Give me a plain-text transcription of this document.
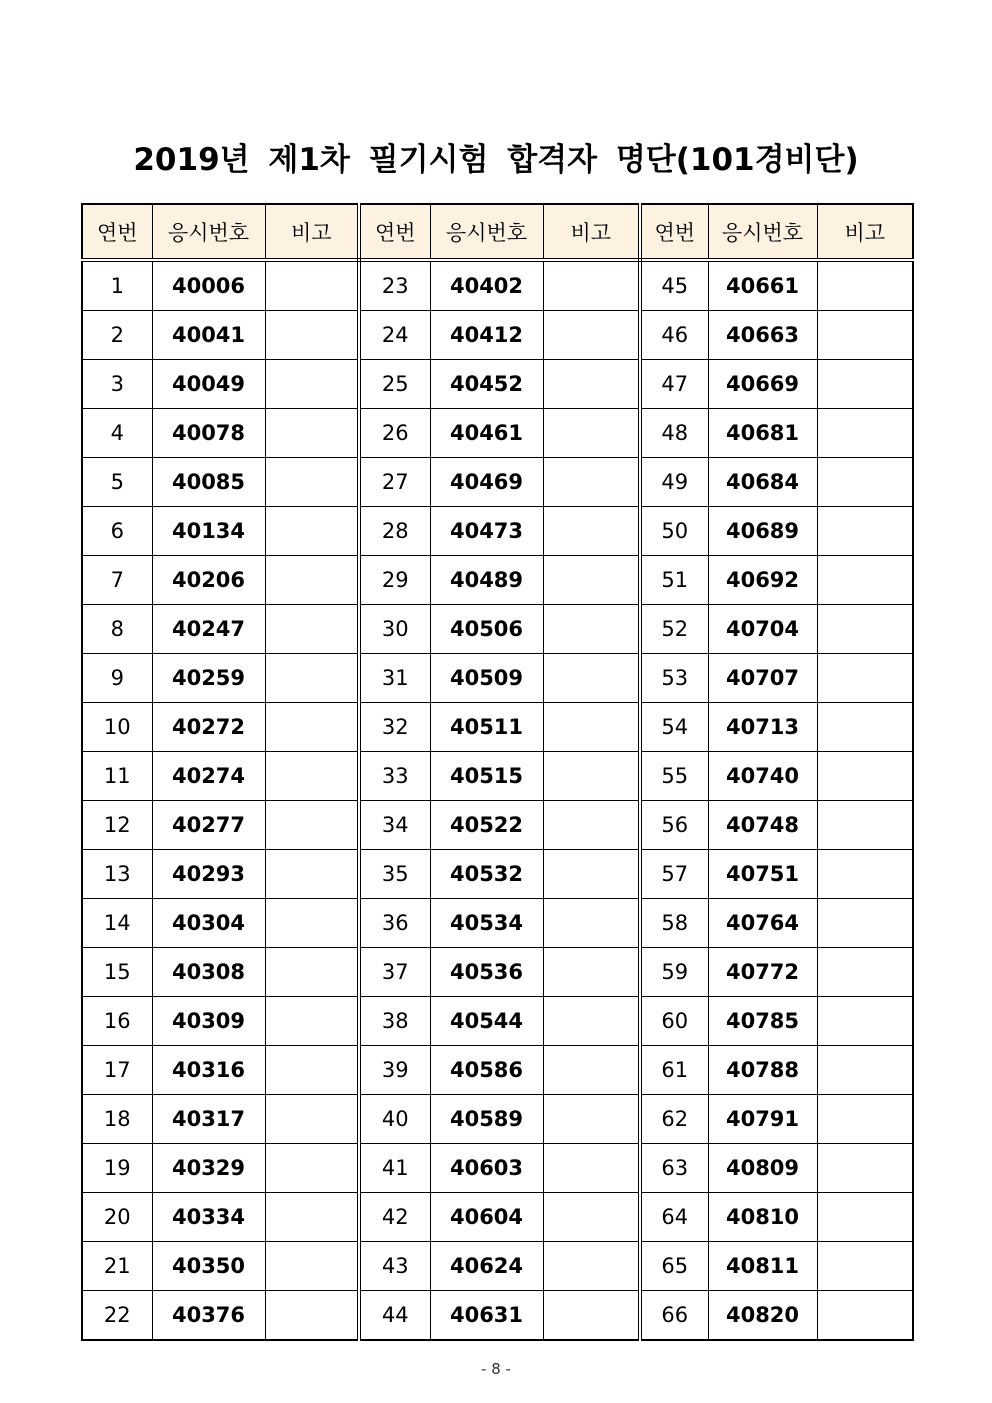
2019년 제1차 필기시험 합격자 명단(101경비단)
연번	응시번호	비고	연번	응시번호	비고	연번	응시번호	비고
1	40006		23	40402		45	40661	
2	40041		24	40412		46	40663	
3	40049		25	40452		47	40669	
4	40078		26	40461		48	40681	
5	40085		27	40469		49	40684	
6	40134		28	40473		50	40689	
7	40206		29	40489		51	40692	
8	40247		30	40506		52	40704	
9	40259		31	40509		53	40707	
10	40272		32	40511		54	40713	
11	40274		33	40515		55	40740	
12	40277		34	40522		56	40748	
13	40293		35	40532		57	40751	
14	40304		36	40534		58	40764	
15	40308		37	40536		59	40772	
16	40309		38	40544		60	40785	
17	40316		39	40586		61	40788	
18	40317		40	40589		62	40791	
19	40329		41	40603		63	40809	
20	40334		42	40604		64	40810	
21	40350		43	40624		65	40811	
22	40376		44	40631		66	40820	
- 8 -
